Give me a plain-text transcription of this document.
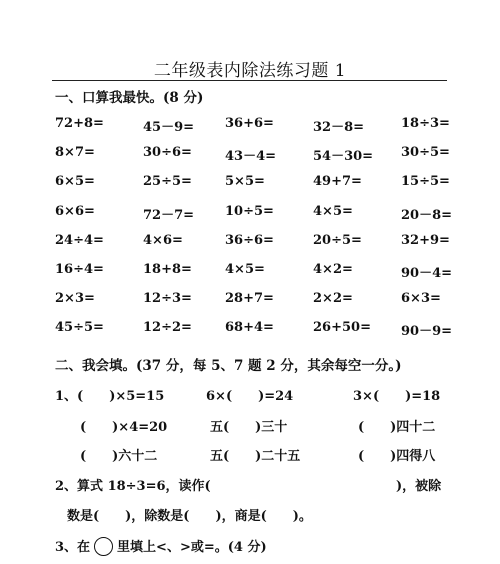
二年级表内除法练习题 1
一、口算我最快。(8 分)
72+8=	45－9= 36+6=	32－8=	18÷3=
8×7=	30÷6=	43－4=	54－30= 30÷5=
6×5=	25÷5=	5×5=	49+7=	15÷5=
6×6=	72－7= 10÷5=	4×5=	20－8=
24÷4=	4×6=	36÷6=	20÷5=	32+9=
16÷4=	18+8=	4×5=	4×2=	90－4=
2×3=	12÷3=	28+7=	2×2=	6×3=
45÷5=	12÷2=	68+4=	26+50= 90－9=
二、我会填。(37 分，每 5、7 题 2 分，其余每空一分。)
1、(　　)×5=15	6×(　　)=24	3×(　　)=18
(　　)×4=20	五(　　)三十	(　　)四十二
(　　)六十二	五(　　)二十五	(　　)四得八
2、算式 18÷3=6，读作(	)，被除
数是(　　)，除数是(　　)，商是(　　)。
3、在 里填上<、>或=。(4 分)
